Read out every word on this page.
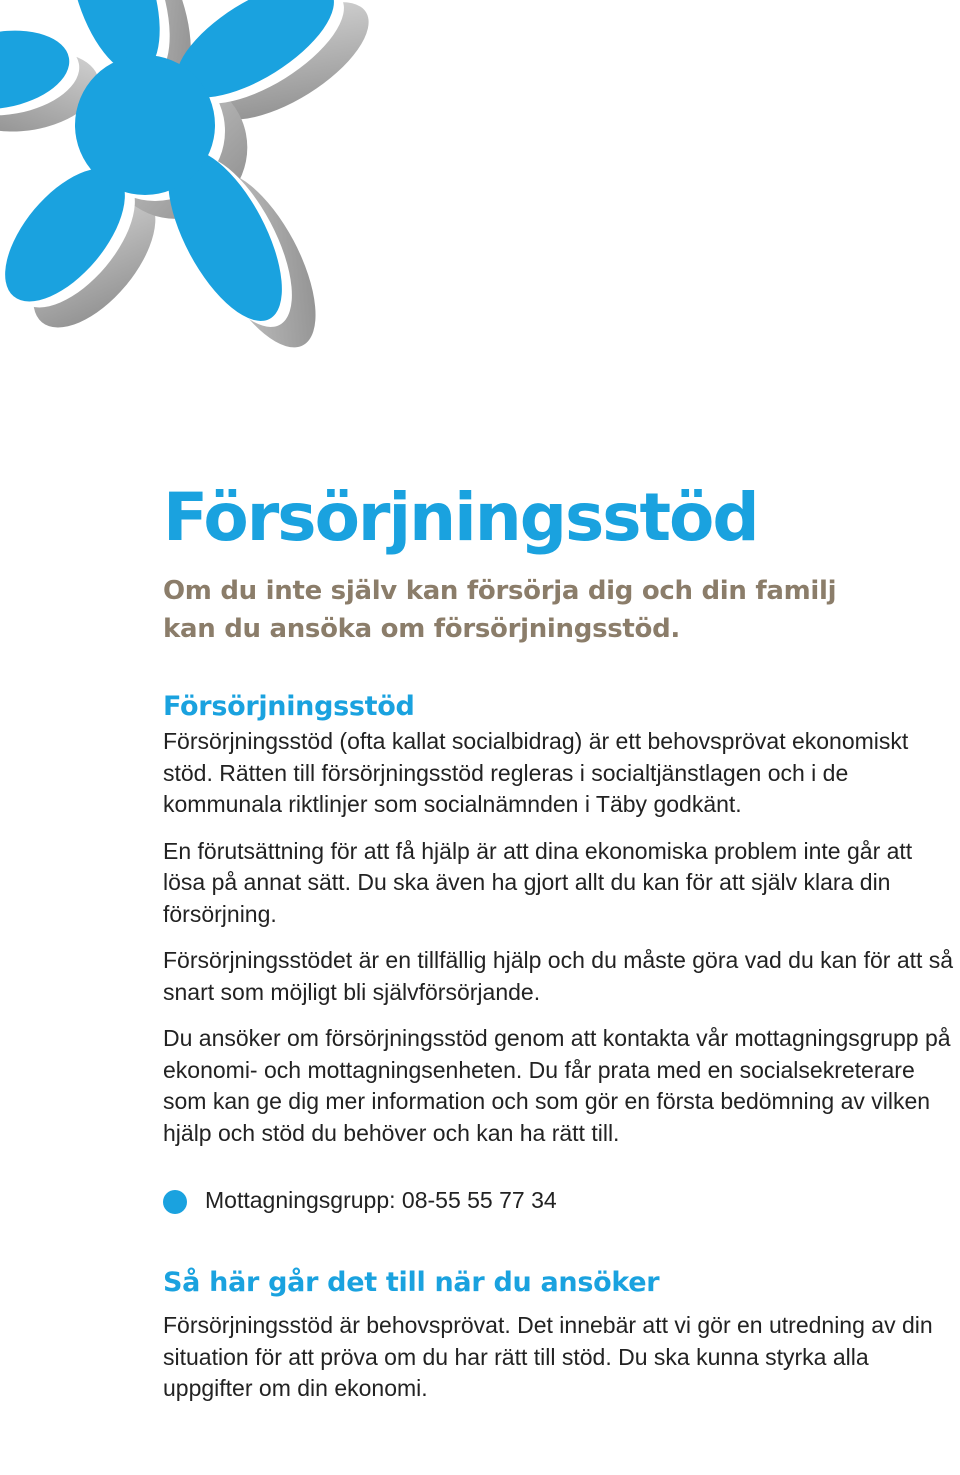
Försörjningsstöd
Om du inte själv kan försörja dig och din familj
kan du ansöka om försörjningsstöd.
Försörjningsstöd

Försörjningsstöd (ofta kallat socialbidrag) är ett behovsprövat ekonomiskt stöd. Rätten till försörjningsstöd regleras i socialtjänstlagen och i de kommunala riktlinjer som socialnämnden i Täby godkänt.

En förutsättning för att få hjälp är att dina ekonomiska problem inte går att lösa på annat sätt. Du ska även ha gjort allt du kan för att själv klara din försörjning.

Försörjningsstödet är en tillfällig hjälp och du måste göra vad du kan för att så snart som möjligt bli självförsörjande.

Du ansöker om försörjningsstöd genom att kontakta vår mottagningsgrupp på ekonomi- och mottagningsenheten. Du får prata med en socialsekreterare som kan ge dig mer information och som gör en första bedömning av vilken hjälp och stöd du behöver och kan ha rätt till.

Mottagningsgrupp: 08-55 55 77 34
Så här går det till när du ansöker

Försörjningsstöd är behovsprövat. Det innebär att vi gör en utredning av din situation för att pröva om du har rätt till stöd. Du ska kunna styrka alla uppgifter om din ekonomi.
